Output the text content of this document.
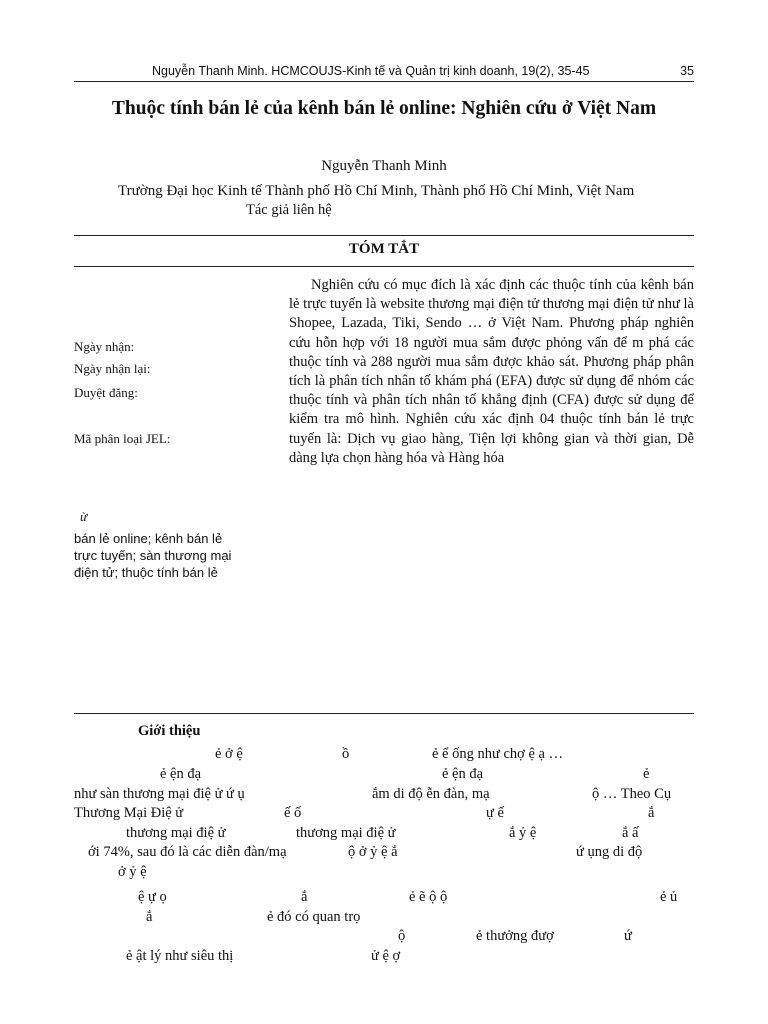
Nguyễn Thanh Minh. HCMCOUJS-Kinh tế và Quản trị kinh doanh, 19(2), 35-45	35
Thuộc tính bán lẻ của kênh bán lẻ online: Nghiên cứu ở Việt Nam
Nguyễn Thanh Minh
Trường Đại học Kinh tế Thành phố Hồ Chí Minh, Thành phố Hồ Chí Minh, Việt Nam
Tác giả liên hệ
TÓM TẮT

Nghiên cứu có mục đích là xác định các thuộc tính của kênh bán lẻ trực tuyến là website thương mại điện tử thương mại điện tử như là Shopee, Lazada, Tiki, Sendo … ở Việt Nam. Phương pháp nghiên cứu hỗn hợp với 18 người mua sắm được phỏng vấn để m phá các thuộc tính và 288 người mua sắm được khảo sát. Phương pháp phân tích là phân tích nhân tố khám phá (EFA) được sử dụng để nhóm các thuộc tính và phân tích nhân tố khẳng định (CFA) được sử dụng để kiểm tra mô hình. Nghiên cứu xác định 04 thuộc tính bán lẻ trực tuyến là: Dịch vụ giao hàng, Tiện lợi không gian và thời gian, Dễ dàng lựa chọn hàng hóa và Hàng hóa

Ngày nhận:
Ngày nhận lại:
Duyệt đăng:
Mã phân loại JEL:
ừ
bán lẻ online; kênh bán lẻ trực tuyến; sàn thương mại điện tử; thuộc tính bán lẻ
Giới thiệu
ẻ ở ệ	ồ	ẻ ể ống như chợ ệ ạ …
ẻ ện đạ	ẻ ện đạ	ẻ
như sàn thương mại điệ ử ứ ụ	ắm di độ ễn đàn, mạ	ộ … Theo Cụ
Thương Mại Điệ ử	ế ố	ự ế	ắ
thương mại điệ ử	thương mại điệ ử	ắ ỷ ệ	ắ ấ
ới 74%, sau đó là các diễn đàn/mạ	ộ ở ỷ ệ ắ	ứ ụng di độ
ở ỷ ệ
ệ ự ọ	ắ	ẻ ẽ ộ ộ	ẻ ủ
ắ	ẻ đó có quan trọ
ộ	ẻ thưởng đượ	ứ
ẻ ật lý như siêu thị	ử ệ ợ
